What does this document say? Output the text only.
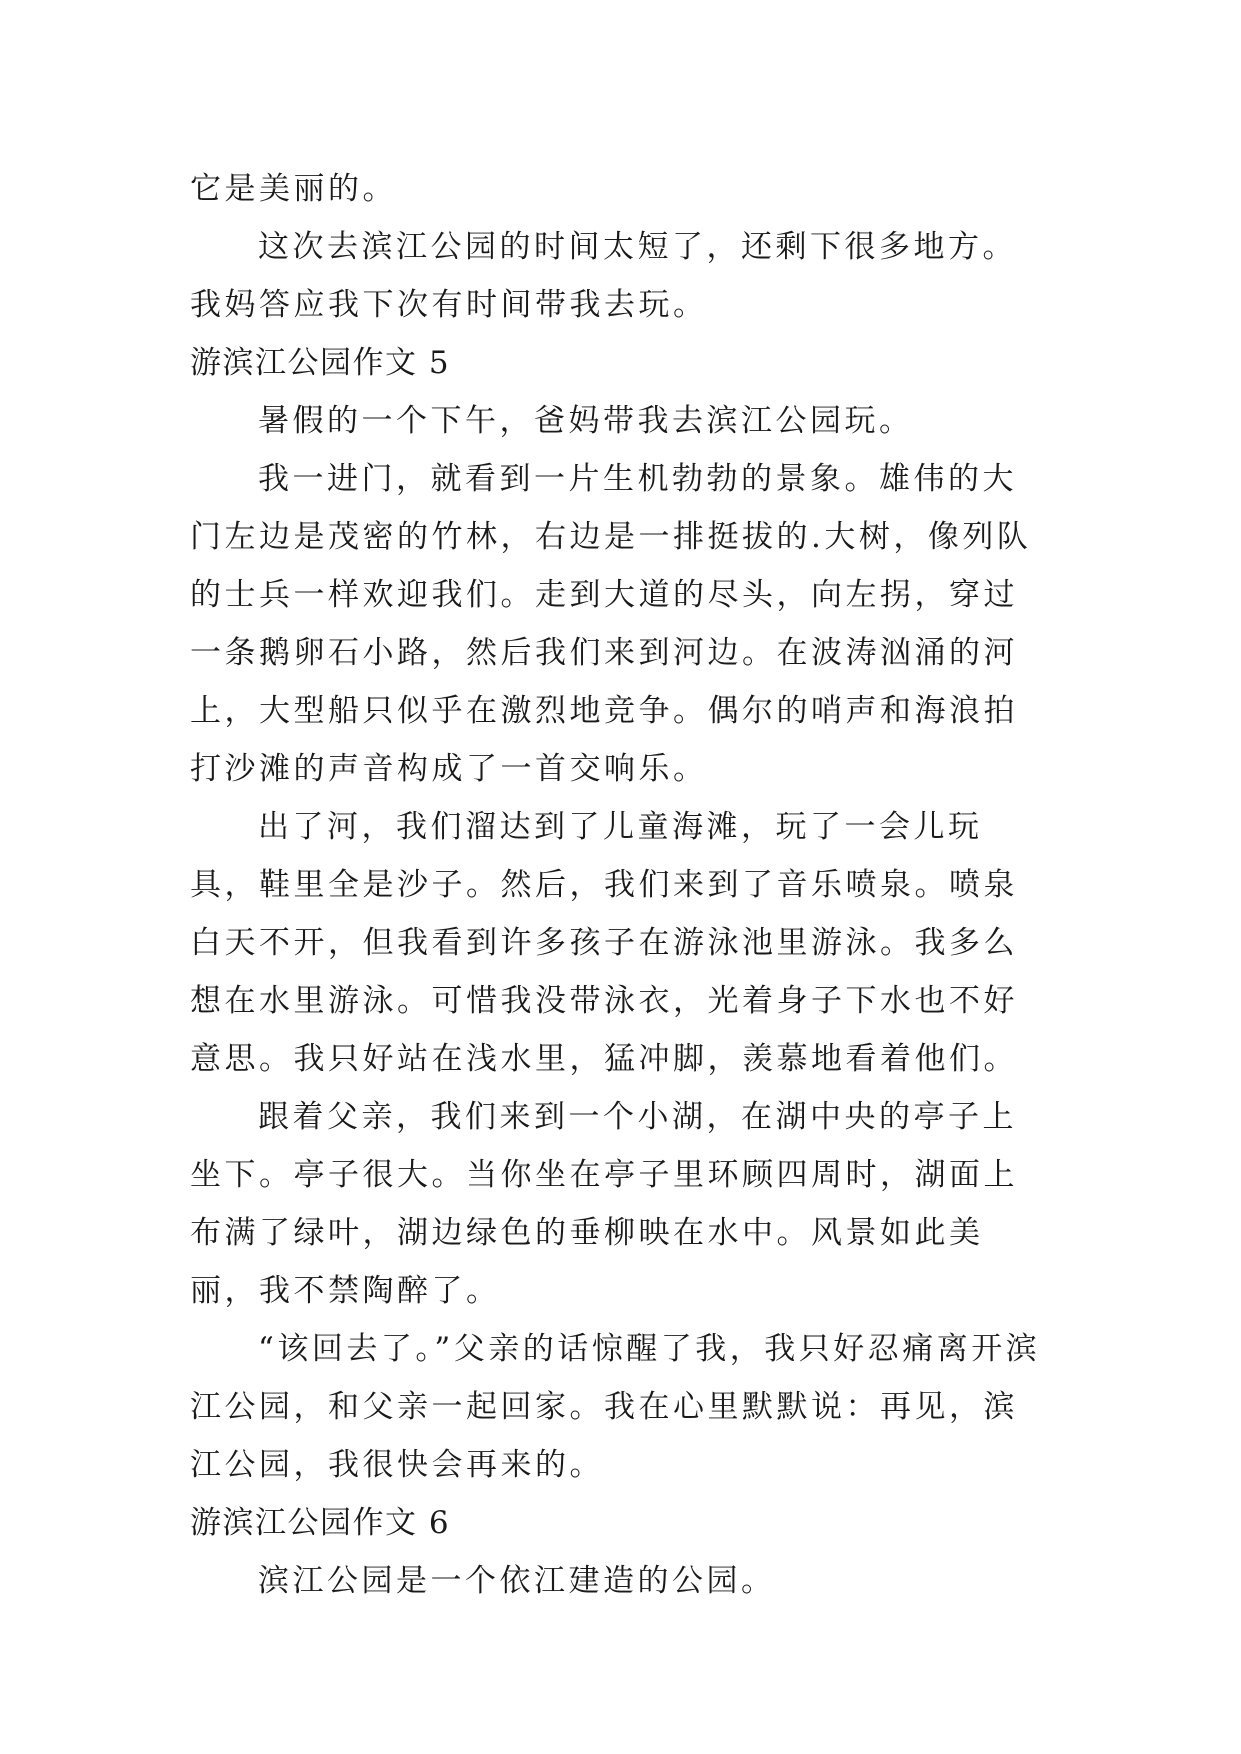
它是美丽的。

这次去滨江公园的时间太短了，还剩下很多地方。我妈答应我下次有时间带我去玩。

游滨江公园作文 5

暑假的一个下午，爸妈带我去滨江公园玩。

我一进门，就看到一片生机勃勃的景象。雄伟的大门左边是茂密的竹林，右边是一排挺拔的.大树，像列队的士兵一样欢迎我们。走到大道的尽头，向左拐，穿过一条鹅卵石小路，然后我们来到河边。在波涛汹涌的河上，大型船只似乎在激烈地竞争。偶尔的哨声和海浪拍打沙滩的声音构成了一首交响乐。

出了河，我们溜达到了儿童海滩，玩了一会儿玩具，鞋里全是沙子。然后，我们来到了音乐喷泉。喷泉白天不开，但我看到许多孩子在游泳池里游泳。我多么想在水里游泳。可惜我没带泳衣，光着身子下水也不好意思。我只好站在浅水里，猛冲脚，羡慕地看着他们。

跟着父亲，我们来到一个小湖，在湖中央的亭子上坐下。亭子很大。当你坐在亭子里环顾四周时，湖面上布满了绿叶，湖边绿色的垂柳映在水中。风景如此美丽，我不禁陶醉了。

“该回去了。”父亲的话惊醒了我，我只好忍痛离开滨江公园，和父亲一起回家。我在心里默默说：再见，滨江公园，我很快会再来的。

游滨江公园作文 6

滨江公园是一个依江建造的公园。
